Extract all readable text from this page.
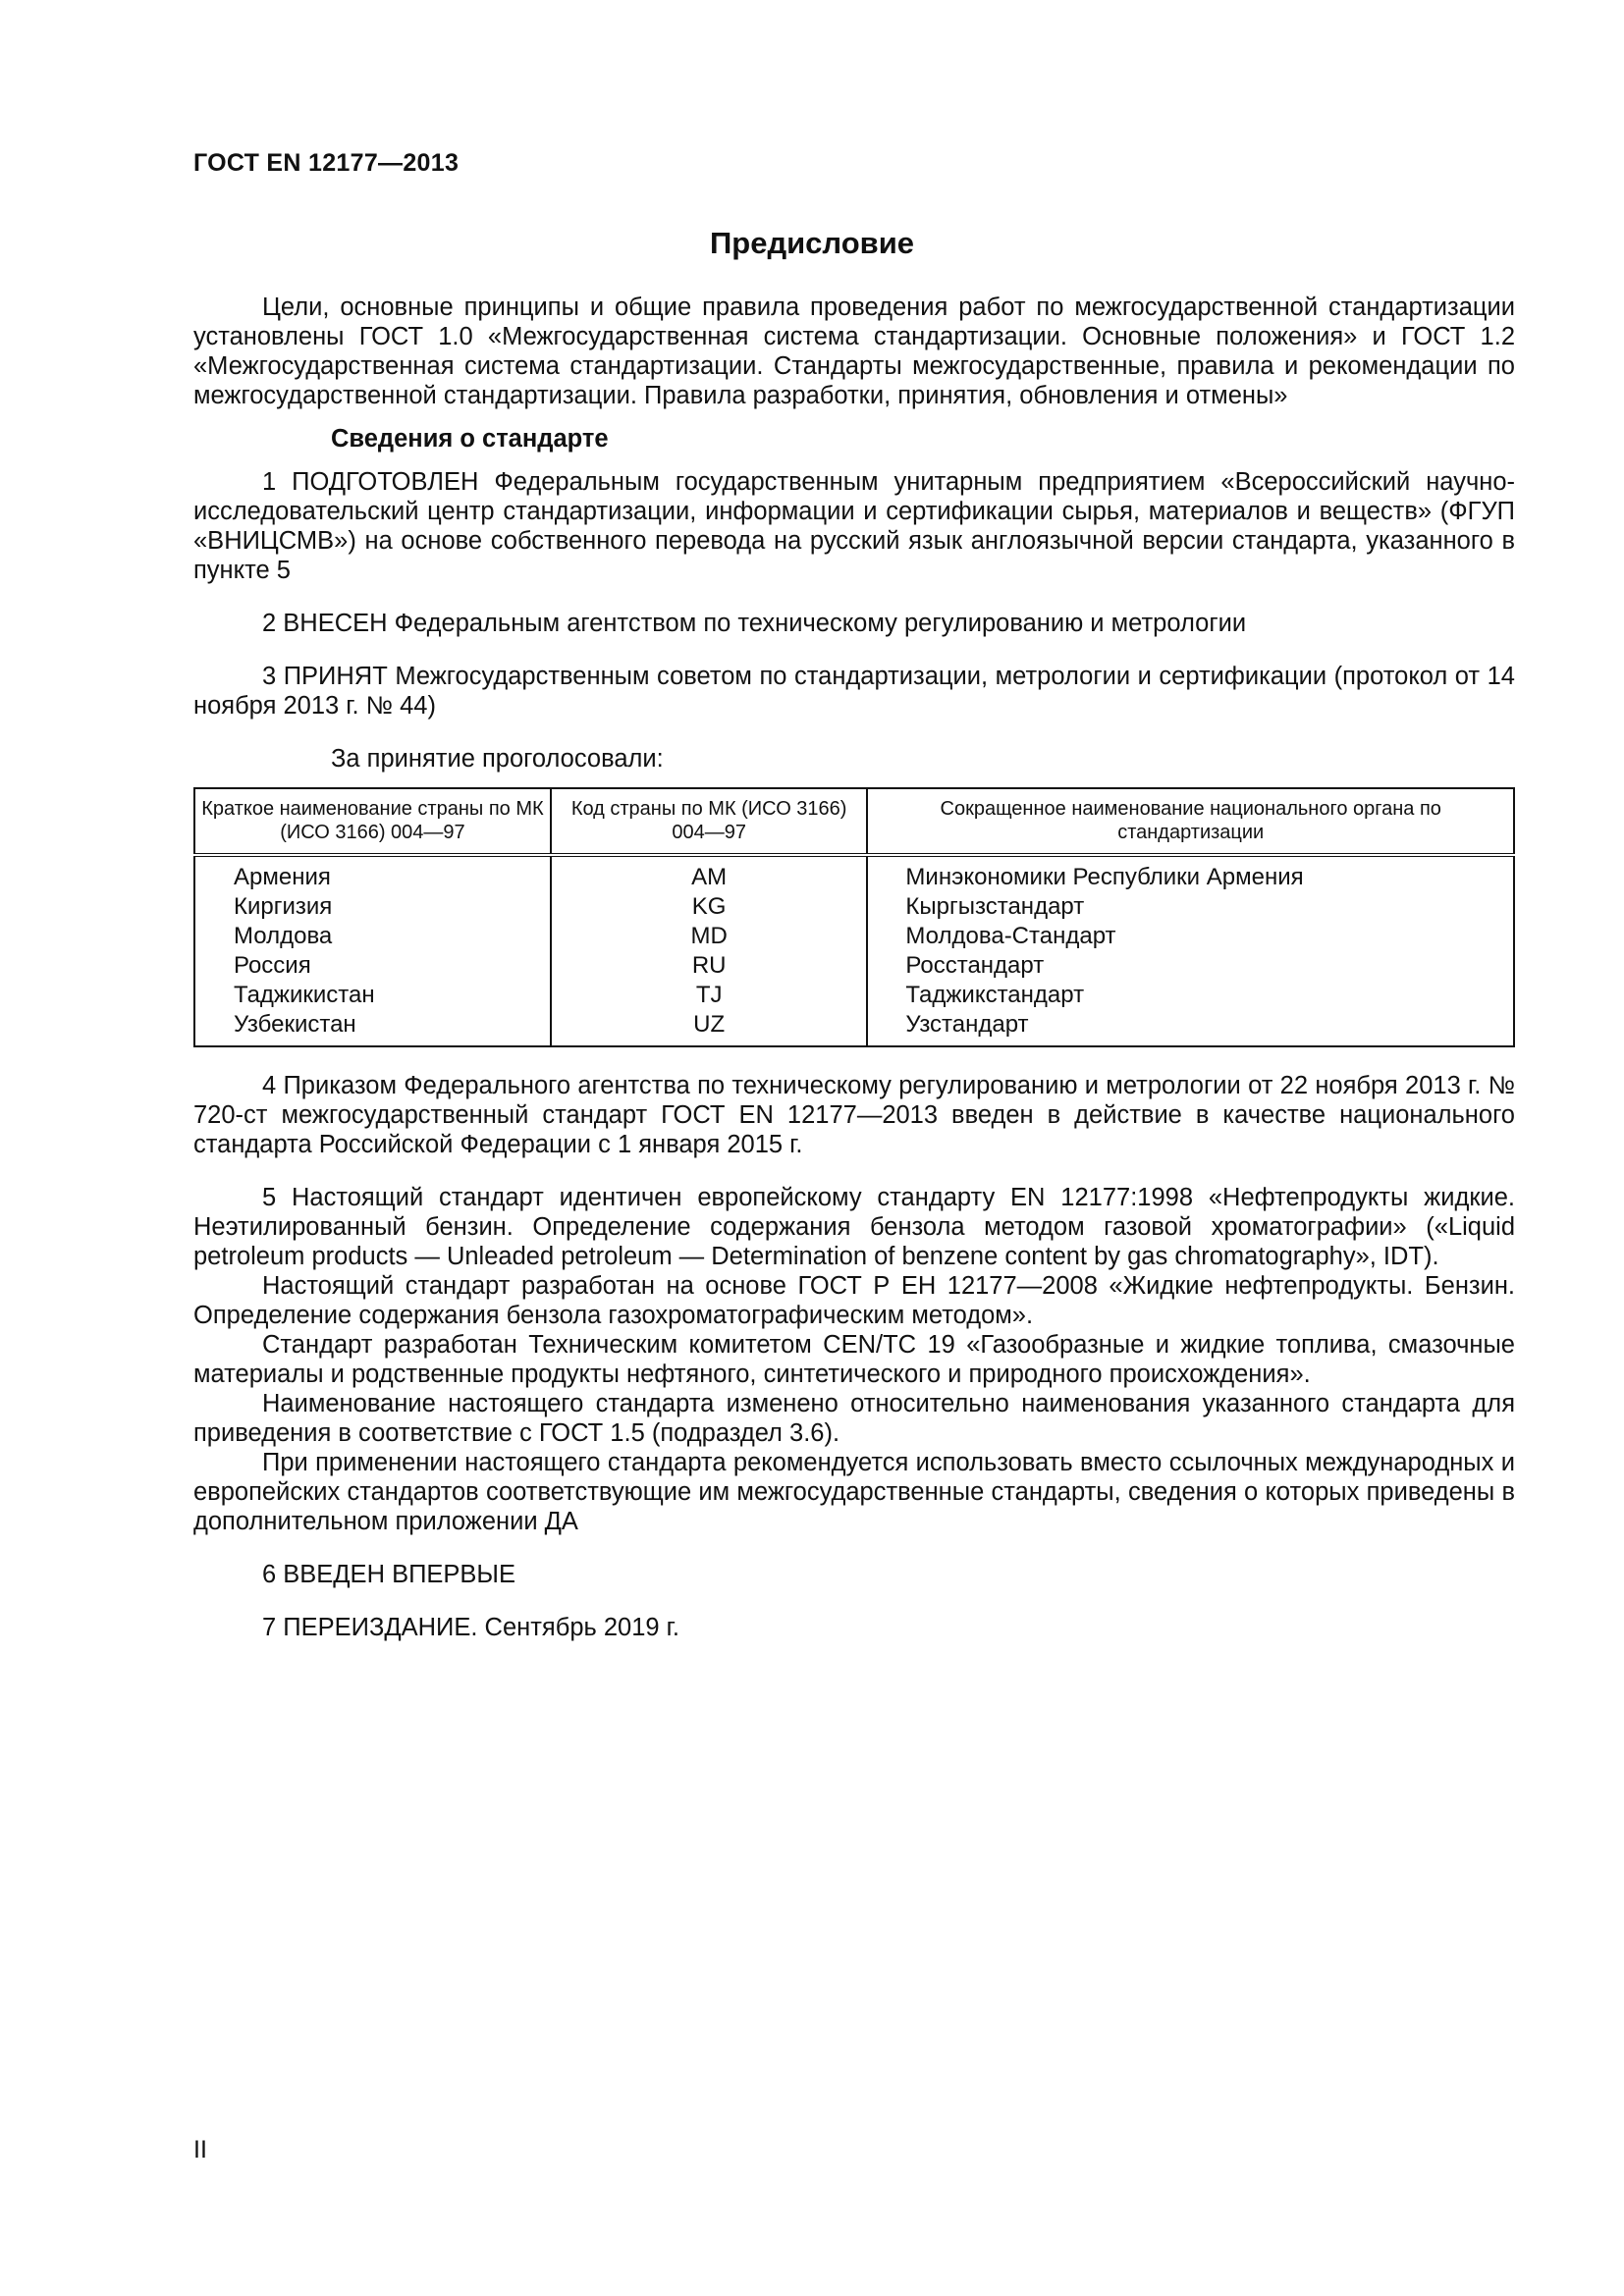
ГОСТ EN 12177—2013
Предисловие

Цели, основные принципы и общие правила проведения работ по межгосударственной стандартизации установлены ГОСТ 1.0 «Межгосударственная система стандартизации. Основные положения» и ГОСТ 1.2 «Межгосударственная система стандартизации. Стандарты межгосударственные, правила и рекомендации по межгосударственной стандартизации. Правила разработки, принятия, обновления и отмены»

Сведения о стандарте

1 ПОДГОТОВЛЕН Федеральным государственным унитарным предприятием «Всероссийский научно-исследовательский центр стандартизации, информации и сертификации сырья, материалов и веществ» (ФГУП «ВНИЦСМВ») на основе собственного перевода на русский язык англоязычной версии стандарта, указанного в пункте 5

2 ВНЕСЕН Федеральным агентством по техническому регулированию и метрологии

3 ПРИНЯТ Межгосударственным советом по стандартизации, метрологии и сертификации (протокол от 14 ноября 2013 г. № 44)

За принятие проголосовали:

Краткое наименование страны по МК (ИСО 3166) 004—97	Код страны по МК (ИСО 3166) 004—97	Сокращенное наименование национального органа по стандартизации
Армения	AM	Минэкономики Республики Армения
Киргизия	KG	Кыргызстандарт
Молдова	MD	Молдова-Стандарт
Россия	RU	Росстандарт
Таджикистан	TJ	Таджикстандарт
Узбекистан	UZ	Узстандарт

4 Приказом Федерального агентства по техническому регулированию и метрологии от 22 ноября 2013 г. № 720-ст межгосударственный стандарт ГОСТ EN 12177—2013 введен в действие в качестве национального стандарта Российской Федерации с 1 января 2015 г.

5 Настоящий стандарт идентичен европейскому стандарту EN 12177:1998 «Нефтепродукты жидкие. Неэтилированный бензин. Определение содержания бензола методом газовой хроматографии» («Liquid petroleum products — Unleaded petroleum — Determination of benzene content by gas chromatography», IDT).

Настоящий стандарт разработан на основе ГОСТ Р ЕН 12177—2008 «Жидкие нефтепродукты. Бензин. Определение содержания бензола газохроматографическим методом».

Стандарт разработан Техническим комитетом CEN/TC 19 «Газообразные и жидкие топлива, смазочные материалы и родственные продукты нефтяного, синтетического и природного происхождения».

Наименование настоящего стандарта изменено относительно наименования указанного стандарта для приведения в соответствие с ГОСТ 1.5 (подраздел 3.6).

При применении настоящего стандарта рекомендуется использовать вместо ссылочных международных и европейских стандартов соответствующие им межгосударственные стандарты, сведения о которых приведены в дополнительном приложении ДА

6 ВВЕДЕН ВПЕРВЫЕ

7 ПЕРЕИЗДАНИЕ. Сентябрь 2019 г.

II
